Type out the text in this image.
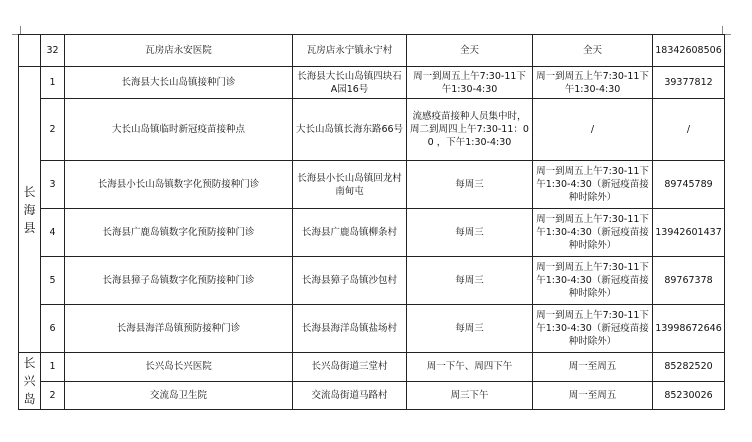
	32	瓦房店永安医院	瓦房店永宁镇永宁村	全天	全天	18342608506
长海县	1	长海县大长山岛镇接种门诊	长海县大长山岛镇四块石A园16号	周一到周五上午7:30-11下午1:30-4:30	周一到周五上午7:30-11下午1:30-4:30	39377812
	2	大长山岛镇临时新冠疫苗接种点	大长山岛镇长海东路66号	流感疫苗接种人员集中时，周二到周四上午7:30-11：00 ，下午1:30-4:30	/	/
	3	长海县小长山岛镇数字化预防接种门诊	长海县小长山岛镇回龙村南甸屯	每周三	周一到周五上午7:30-11下午1:30-4:30（新冠疫苗接种时除外）	89745789
	4	长海县广鹿岛镇数字化预防接种门诊	长海县广鹿岛镇柳条村	每周三	周一到周五上午7:30-11下午1:30-4:30（新冠疫苗接种时除外）	13942601437
	5	长海县獐子岛镇数字化预防接种门诊	长海县獐子岛镇沙包村	每周三	周一到周五上午7:30-11下午1:30-4:30（新冠疫苗接种时除外）	89767378
	6	长海县海洋岛镇预防接种门诊	长海县海洋岛镇盐场村	每周三	周一到周五上午7:30-11下午1:30-4:30（新冠疫苗接种时除外）	13998672646
长兴岛	1	长兴岛长兴医院	长兴岛街道三堂村	周一下午、周四下午	周一至周五	85282520
	2	交流岛卫生院	交流岛街道马路村	周三下午	周一至周五	85230026
